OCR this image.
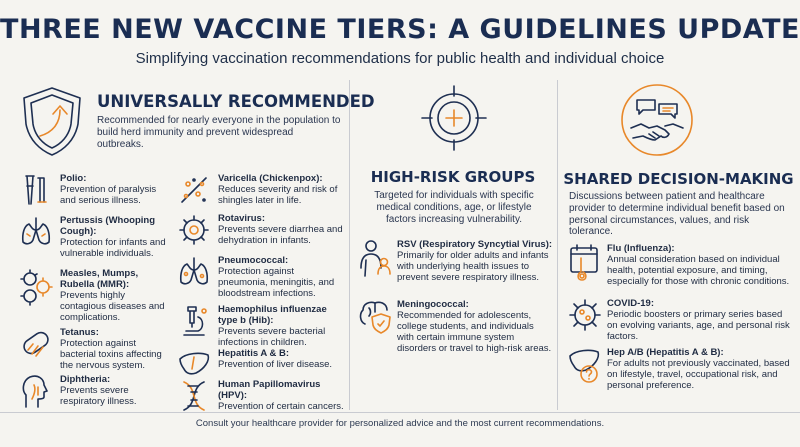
THREE NEW VACCINE TIERS: A GUIDELINES UPDATE
Simplifying vaccination recommendations for public health and individual choice
UNIVERSALLY RECOMMENDED
Recommended for nearly everyone in the population to build herd immunity and prevent widespread outbreaks.
Polio:
Prevention of paralysis and serious illness.
Pertussis (Whooping Cough):
Protection for infants and vulnerable individuals.
Measles, Mumps, Rubella (MMR):
Prevents highly contagious diseases and complications.
Tetanus:
Protection against bacterial toxins affecting the nervous system.
Diphtheria:
Prevents severe respiratory illness.
Varicella (Chickenpox):
Reduces severity and risk of shingles later in life.
Rotavirus:
Prevents severe diarrhea and dehydration in infants.
Pneumococcal:
Protection against pneumonia, meningitis, and bloodstream infections.
Haemophilus influenzae type b (Hib):
Prevents severe bacterial infections in children.
Hepatitis A & B:
Prevention of liver disease.
Human Papillomavirus (HPV):
Prevention of certain cancers.
HIGH-RISK GROUPS
Targeted for individuals with specific medical conditions, age, or lifestyle factors increasing vulnerability.
RSV (Respiratory Syncytial Virus):
Primarily for older adults and infants with underlying health issues to prevent severe respiratory illness.
Meningococcal:
Recommended for adolescents, college students, and individuals with certain immune system disorders or travel to high-risk areas.
SHARED DECISION-MAKING
Discussions between patient and healthcare provider to determine individual benefit based on personal circumstances, values, and risk tolerance.
Flu (Influenza):
Annual consideration based on individual health, potential exposure, and timing, especially for those with chronic conditions.
COVID-19:
Periodic boosters or primary series based on evolving variants, age, and personal risk factors.
Hep A/B (Hepatitis A & B):
For adults not previously vaccinated, based on lifestyle, travel, occupational risk, and personal preference.
Consult your healthcare provider for personalized advice and the most current recommendations.
